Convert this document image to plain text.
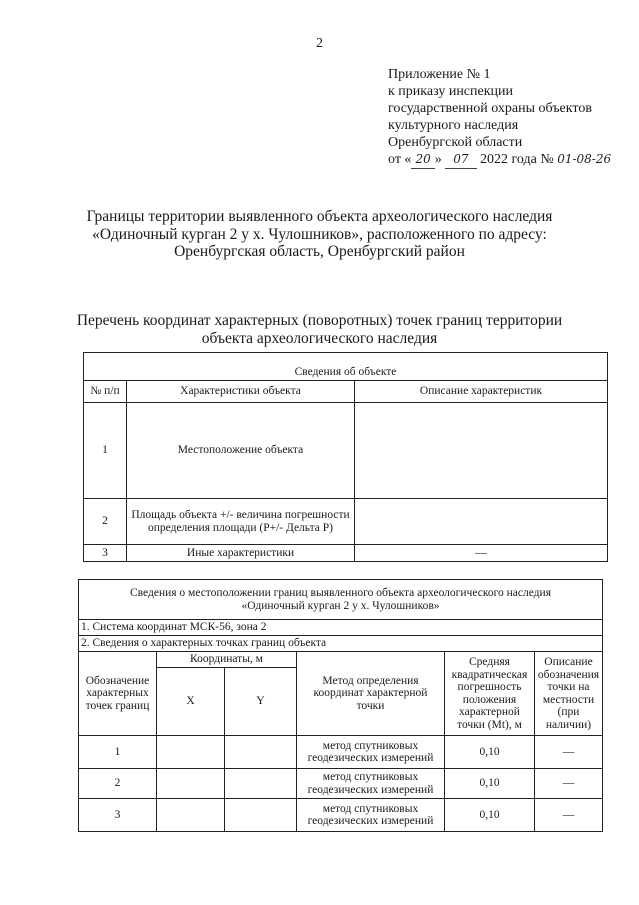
2
Приложение № 1
к приказу инспекции
государственной охраны объектов
культурного наследия
Оренбургской области
от « 20 » 07 2022 года № 01-08-26
Границы территории выявленного объекта археологического наследия
«Одиночный курган 2 у х. Чулошников», расположенного по адресу:
Оренбургская область, Оренбургский район
Перечень координат характерных (поворотных) точек границ территории
объекта археологического наследия
Сведения об объекте		
№ п/п	Характеристики объекта	Описание характеристик
1	Местоположение объекта	
2	Площадь объекта +/- величина погрешности определения площади (Р+/- Дельта Р)	
3	Иные характеристики	—
Сведения о местоположении границ выявленного объекта археологического наследия
«Одиночный курган 2 у х. Чулошников»					

1. Система координат МСК-56, зона 2					
2. Сведения о характерных точках границ объекта					
Обозначение характерных точек границ	Координаты, м		Метод определения координат характерной точки	Средняя квадратическая погрешность положения характерной точки (Mt), м	Описание обозначения точки на местности (при наличии)
	X	Y			
1			метод спутниковых геодезических измерений	0,10	—
2			метод спутниковых геодезических измерений	0,10	—
3			метод спутниковых геодезических измерений	0,10	—
